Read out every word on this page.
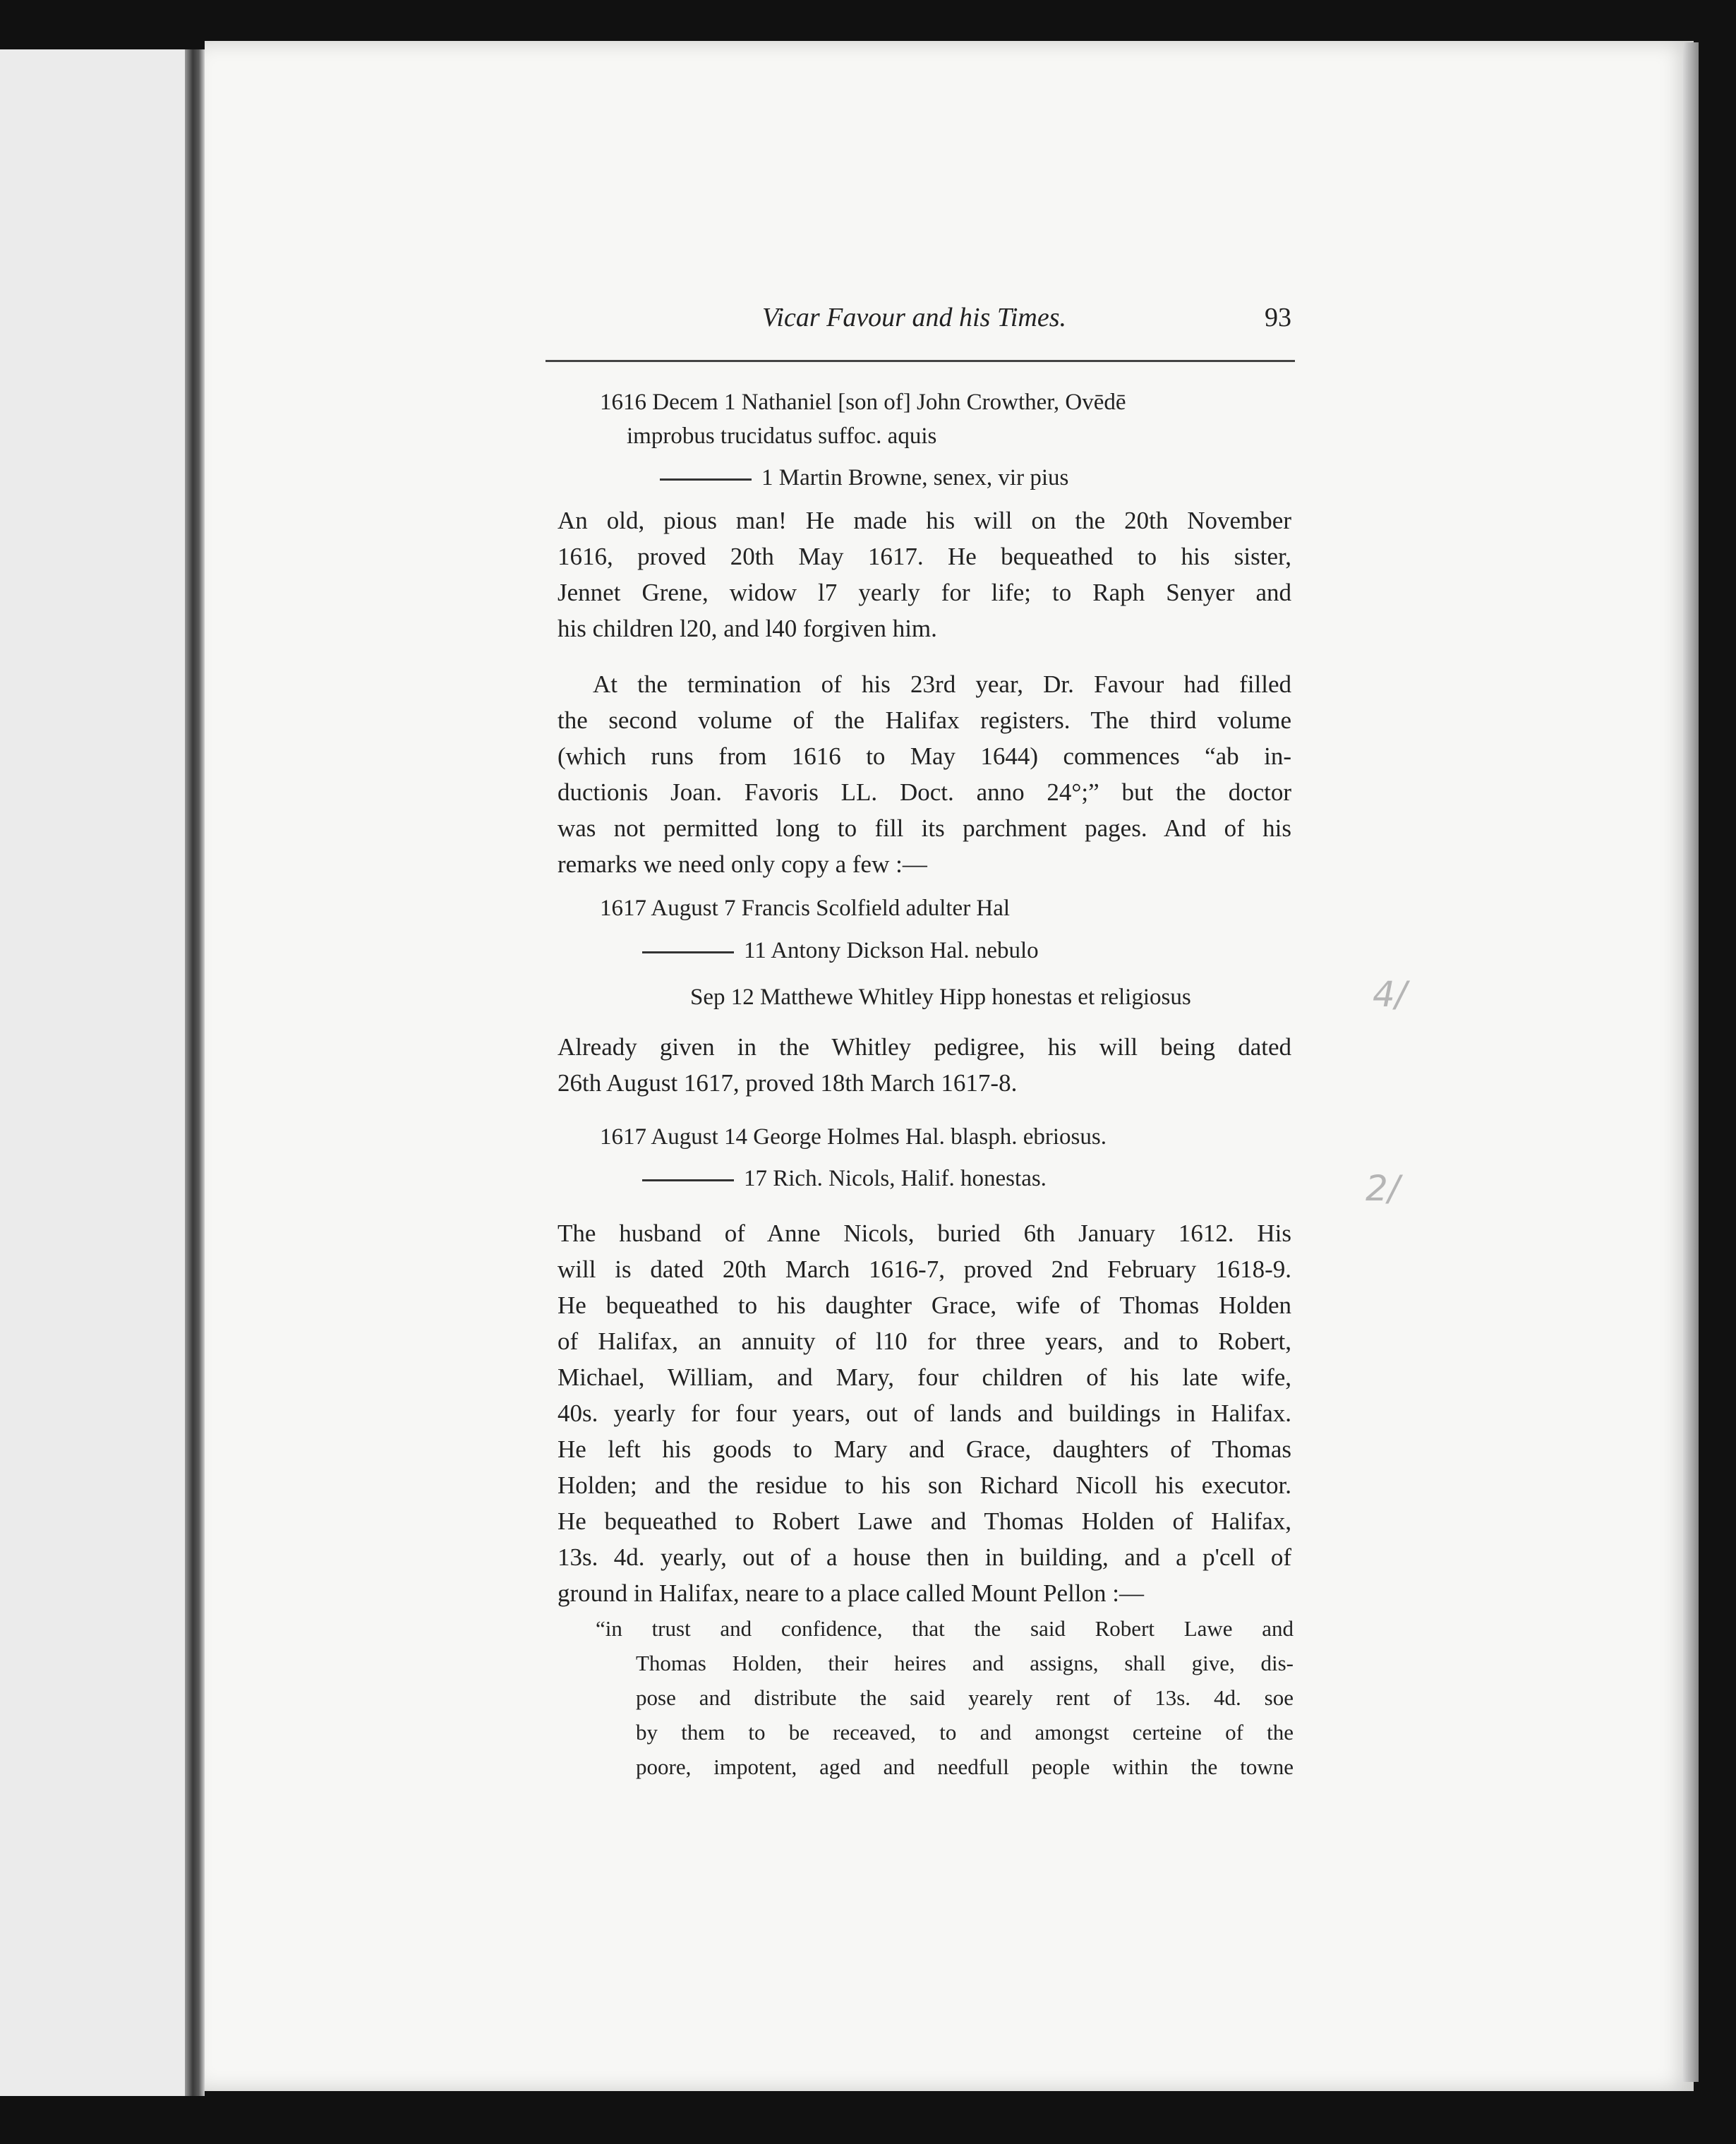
Vicar Favour and his Times.	93
1616 Decem 1 Nathaniel [son of] John Crowther, Ovēdē
improbus trucidatus suffoc. aquis
1 Martin Browne, senex, vir pius
An old, pious man! He made his will on the 20th November
1616, proved 20th May 1617. He bequeathed to his sister,
Jennet Grene, widow l7 yearly for life; to Raph Senyer and
his children l20, and l40 forgiven him.
At the termination of his 23rd year, Dr. Favour had filled
the second volume of the Halifax registers. The third volume
(which runs from 1616 to May 1644) commences “ab in-
ductionis Joan. Favoris LL. Doct. anno 24°;” but the doctor
was not permitted long to fill its parchment pages. And of his
remarks we need only copy a few :—
1617 August 7 Francis Scolfield adulter Hal
11 Antony Dickson Hal. nebulo
Sep 12 Matthewe Whitley Hipp honestas et religiosus
Already given in the Whitley pedigree, his will being dated
26th August 1617, proved 18th March 1617-8.
1617 August 14 George Holmes Hal. blasph. ebriosus.
17 Rich. Nicols, Halif. honestas.
The husband of Anne Nicols, buried 6th January 1612. His
will is dated 20th March 1616-7, proved 2nd February 1618-9.
He bequeathed to his daughter Grace, wife of Thomas Holden
of Halifax, an annuity of l10 for three years, and to Robert,
Michael, William, and Mary, four children of his late wife,
40s. yearly for four years, out of lands and buildings in Halifax.
He left his goods to Mary and Grace, daughters of Thomas
Holden; and the residue to his son Richard Nicoll his executor.
He bequeathed to Robert Lawe and Thomas Holden of Halifax,
13s. 4d. yearly, out of a house then in building, and a p'cell of
ground in Halifax, neare to a place called Mount Pellon :—
“in trust and confidence, that the said Robert Lawe and
Thomas Holden, their heires and assigns, shall give, dis-
pose and distribute the said yearely rent of 13s. 4d. soe
by them to be receaved, to and amongst certeine of the
poore, impotent, aged and needfull people within the towne
4/
2/
